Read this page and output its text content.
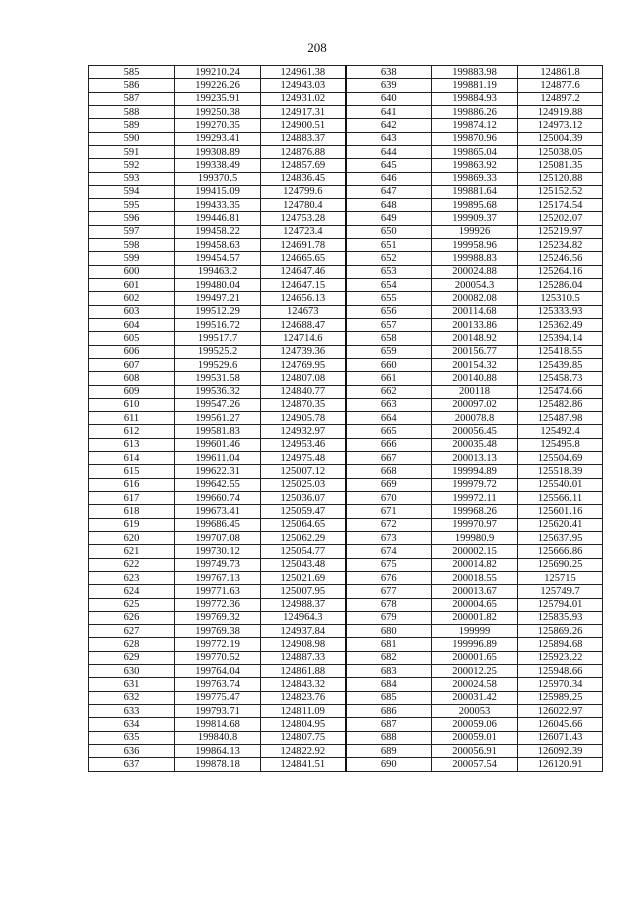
208
585	199210.24	124961.38	638	199883.98	124861.8
586	199226.26	124943.03	639	199881.19	124877.6
587	199235.91	124931.02	640	199884.93	124897.2
588	199250.38	124917.31	641	199886.26	124919.88
589	199270.35	124900.51	642	199874.12	124973.12
590	199293.41	124883.37	643	199870.96	125004.39
591	199308.89	124876.88	644	199865.04	125038.05
592	199338.49	124857.69	645	199863.92	125081.35
593	199370.5	124836.45	646	199869.33	125120.88
594	199415.09	124799.6	647	199881.64	125152.52
595	199433.35	124780.4	648	199895.68	125174.54
596	199446.81	124753.28	649	199909.37	125202.07
597	199458.22	124723.4	650	199926	125219.97
598	199458.63	124691.78	651	199958.96	125234.82
599	199454.57	124665.65	652	199988.83	125246.56
600	199463.2	124647.46	653	200024.88	125264.16
601	199480.04	124647.15	654	200054.3	125286.04
602	199497.21	124656.13	655	200082.08	125310.5
603	199512.29	124673	656	200114.68	125333.93
604	199516.72	124688.47	657	200133.86	125362.49
605	199517.7	124714.6	658	200148.92	125394.14
606	199525.2	124739.36	659	200156.77	125418.55
607	199529.6	124769.95	660	200154.32	125439.85
608	199531.58	124807.08	661	200140.88	125458.73
609	199536.32	124840.77	662	200118	125474.66
610	199547.26	124870.35	663	200097.02	125482.86
611	199561.27	124905.78	664	200078.8	125487.98
612	199581.83	124932.97	665	200056.45	125492.4
613	199601.46	124953.46	666	200035.48	125495.8
614	199611.04	124975.48	667	200013.13	125504.69
615	199622.31	125007.12	668	199994.89	125518.39
616	199642.55	125025.03	669	199979.72	125540.01
617	199660.74	125036.07	670	199972.11	125566.11
618	199673.41	125059.47	671	199968.26	125601.16
619	199686.45	125064.65	672	199970.97	125620.41
620	199707.08	125062.29	673	199980.9	125637.95
621	199730.12	125054.77	674	200002.15	125666.86
622	199749.73	125043.48	675	200014.82	125690.25
623	199767.13	125021.69	676	200018.55	125715
624	199771.63	125007.95	677	200013.67	125749.7
625	199772.36	124988.37	678	200004.65	125794.01
626	199769.32	124964.3	679	200001.82	125835.93
627	199769.38	124937.84	680	199999	125869.26
628	199772.19	124908.98	681	199996.89	125894.68
629	199770.52	124887.33	682	200001.65	125923.22
630	199764.04	124861.88	683	200012.25	125948.66
631	199763.74	124843.32	684	200024.58	125970.34
632	199775.47	124823.76	685	200031.42	125989.25
633	199793.71	124811.09	686	200053	126022.97
634	199814.68	124804.95	687	200059.06	126045.66
635	199840.8	124807.75	688	200059.01	126071.43
636	199864.13	124822.92	689	200056.91	126092.39
637	199878.18	124841.51	690	200057.54	126120.91
